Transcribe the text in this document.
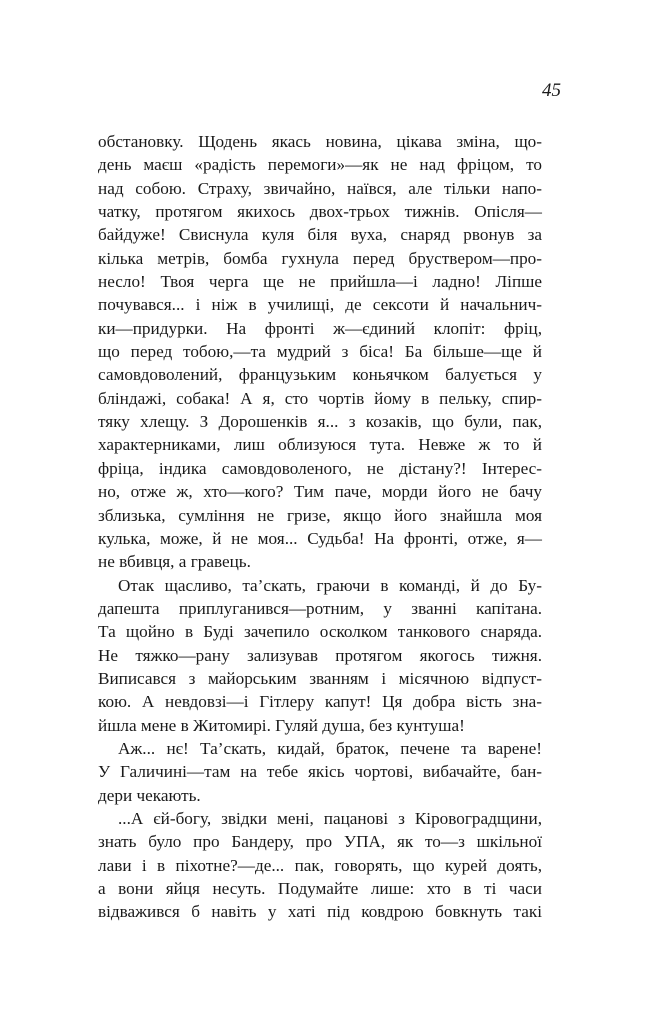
45
обстановку. Щодень якась новина, цікава зміна, що-
день маєш «радість перемоги»—як не над фріцом, то
над собою. Страху, звичайно, наївся, але тільки напо-
чатку, протягом якихось двох-трьох тижнів. Опісля—
байдуже! Свиснула куля біля вуха, снаряд рвонув за
кілька метрів, бомба гухнула перед бруствером—про-
несло! Твоя черга ще не прийшла—і ладно! Ліпше
почувався... і ніж в училищі, де сексоти й начальнич-
ки—придурки. На фронті ж—єдиний клопіт: фріц,
що перед тобою,—та мудрий з біса! Ба більше—ще й
самовдоволений, французьким коньячком балується у
бліндажі, собака! А я, сто чортів йому в пельку, спир-
тяку хлещу. З Дорошенків я... з козаків, що були, пак,
характерниками, лиш облизуюся тута. Невже ж то й
фріца, індика самовдоволеного, не дістану?! Інтерес-
но, отже ж, хто—кого? Тим паче, морди його не бачу
зблизька, сумління не гризе, якщо його знайшла моя
кулька, може, й не моя... Судьба! На фронті, отже, я—
не вбивця, а гравець.
Отак щасливо, та’скать, граючи в команді, й до Бу-
дапешта приплуганився—ротним, у званні капітана.
Та щойно в Буді зачепило осколком танкового снаряда.
Не тяжко—рану зализував протягом якогось тижня.
Виписався з майорським званням і місячною відпуст-
кою. А невдовзі—і Гітлеру капут! Ця добра вість зна-
йшла мене в Житомирі. Гуляй душа, без кунтуша!
Аж... нє! Та’скать, кидай, браток, печене та варене!
У Галичині—там на тебе якісь чортові, вибачайте, бан-
дери чекають.
...А єй-богу, звідки мені, пацанові з Кіровоградщини,
знать було про Бандеру, про УПА, як то—з шкільної
лави і в піхотне?—де... пак, говорять, що курей доять,
а вони яйця несуть. Подумайте лише: хто в ті часи
відважився б навіть у хаті під ковдрою бовкнуть такі
